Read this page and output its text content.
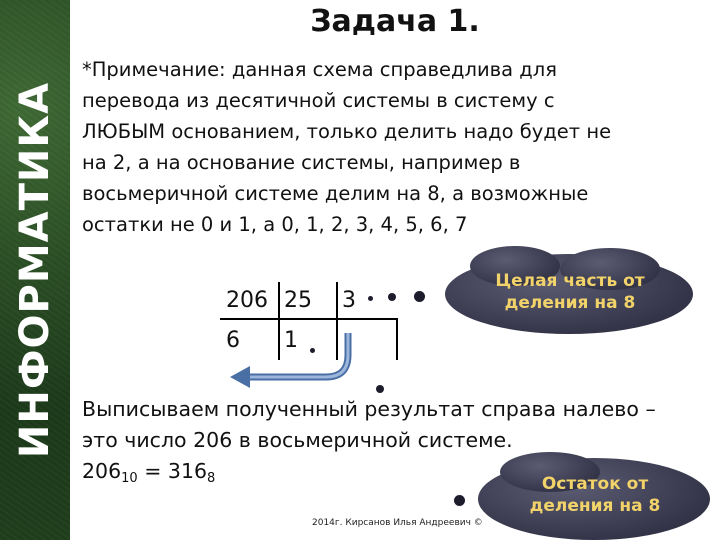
ИНФОРМАТИКА
Задача 1.

*Примечание: данная схема справедлива для

перевода из десятичной системы в систему с

ЛЮБЫМ основанием, только делить надо будет не

на 2, а на основание системы, например в

восьмеричной системе делим на 8, а возможные

остатки не 0 и 1, а 0, 1, 2, 3, 4, 5, 6, 7

206 25 3
6 1
Целая часть от
деления на 8

Выписываем полученный результат справа налево –

это число 206 в восьмеричной системе.

$206_{10} = 316_8$	Остаток от
деления на 8
2014г. Кирсанов Илья Андреевич ©
